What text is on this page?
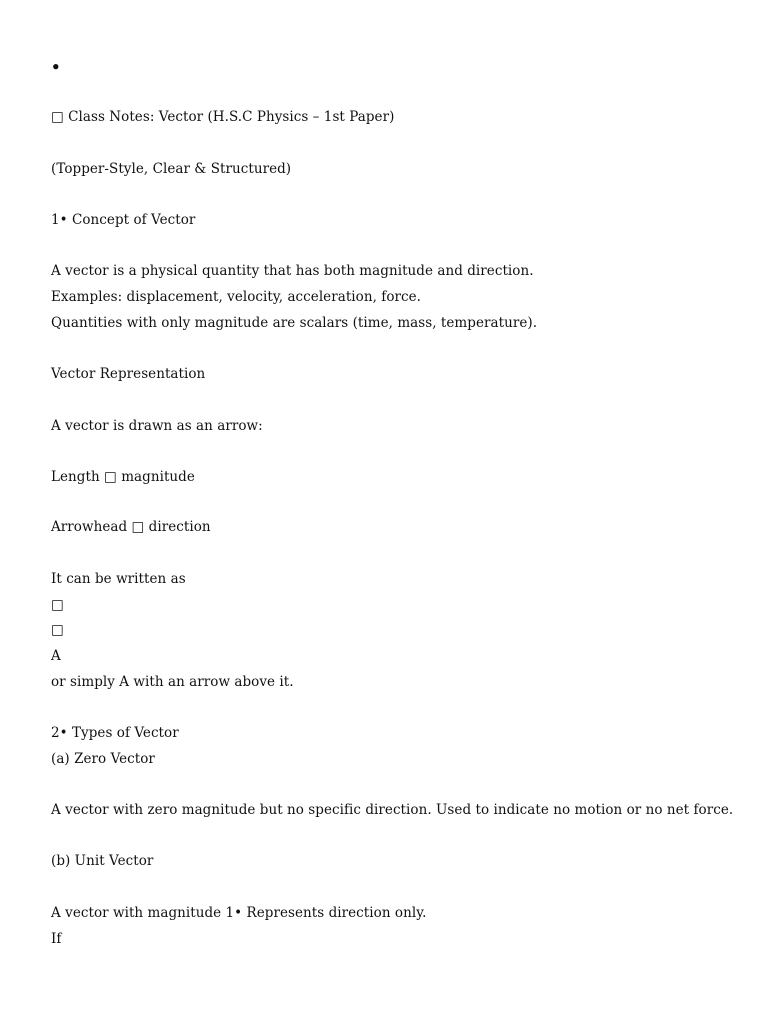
•
□ Class Notes: Vector (H.S.C Physics – 1st Paper)
(Topper-Style, Clear & Structured)
1• Concept of Vector
A vector is a physical quantity that has both magnitude and direction.
Examples: displacement, velocity, acceleration, force.
Quantities with only magnitude are scalars (time, mass, temperature).
Vector Representation
A vector is drawn as an arrow:
Length □ magnitude
Arrowhead □ direction
It can be written as
□
□
A
or simply A with an arrow above it.
2• Types of Vector
(a) Zero Vector
A vector with zero magnitude but no specific direction. Used to indicate no motion or no net force.
(b) Unit Vector
A vector with magnitude 1• Represents direction only.
If
